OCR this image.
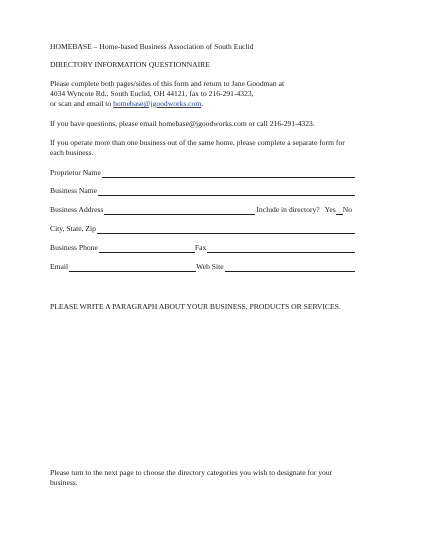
HOMEBASE – Home-based Business Association of South Euclid
DIRECTORY INFORMATION QUESTIONNAIRE
Please complete both pages/sides of this form and return to Jane Goodman at
4034 Wyncote Rd., South Euclid, OH 44121, fax to 216-291-4323,
or scan and email to homebase@jgoodworks.com.
If you have questions, please email homebase@jgoodworks.com or call 216-291-4323.
If you operate more than one business out of the same home, please complete a separate form for
each business.
Proprietor Name
Business Name
Business Address	Include in directory? Yes No
City, State, Zip
Business Phone	Fax
Email	Web Site
PLEASE WRITE A PARAGRAPH ABOUT YOUR BUSINESS, PRODUCTS OR SERVICES.
Please turn to the next page to choose the directory categories you wish to designate for your
business.
